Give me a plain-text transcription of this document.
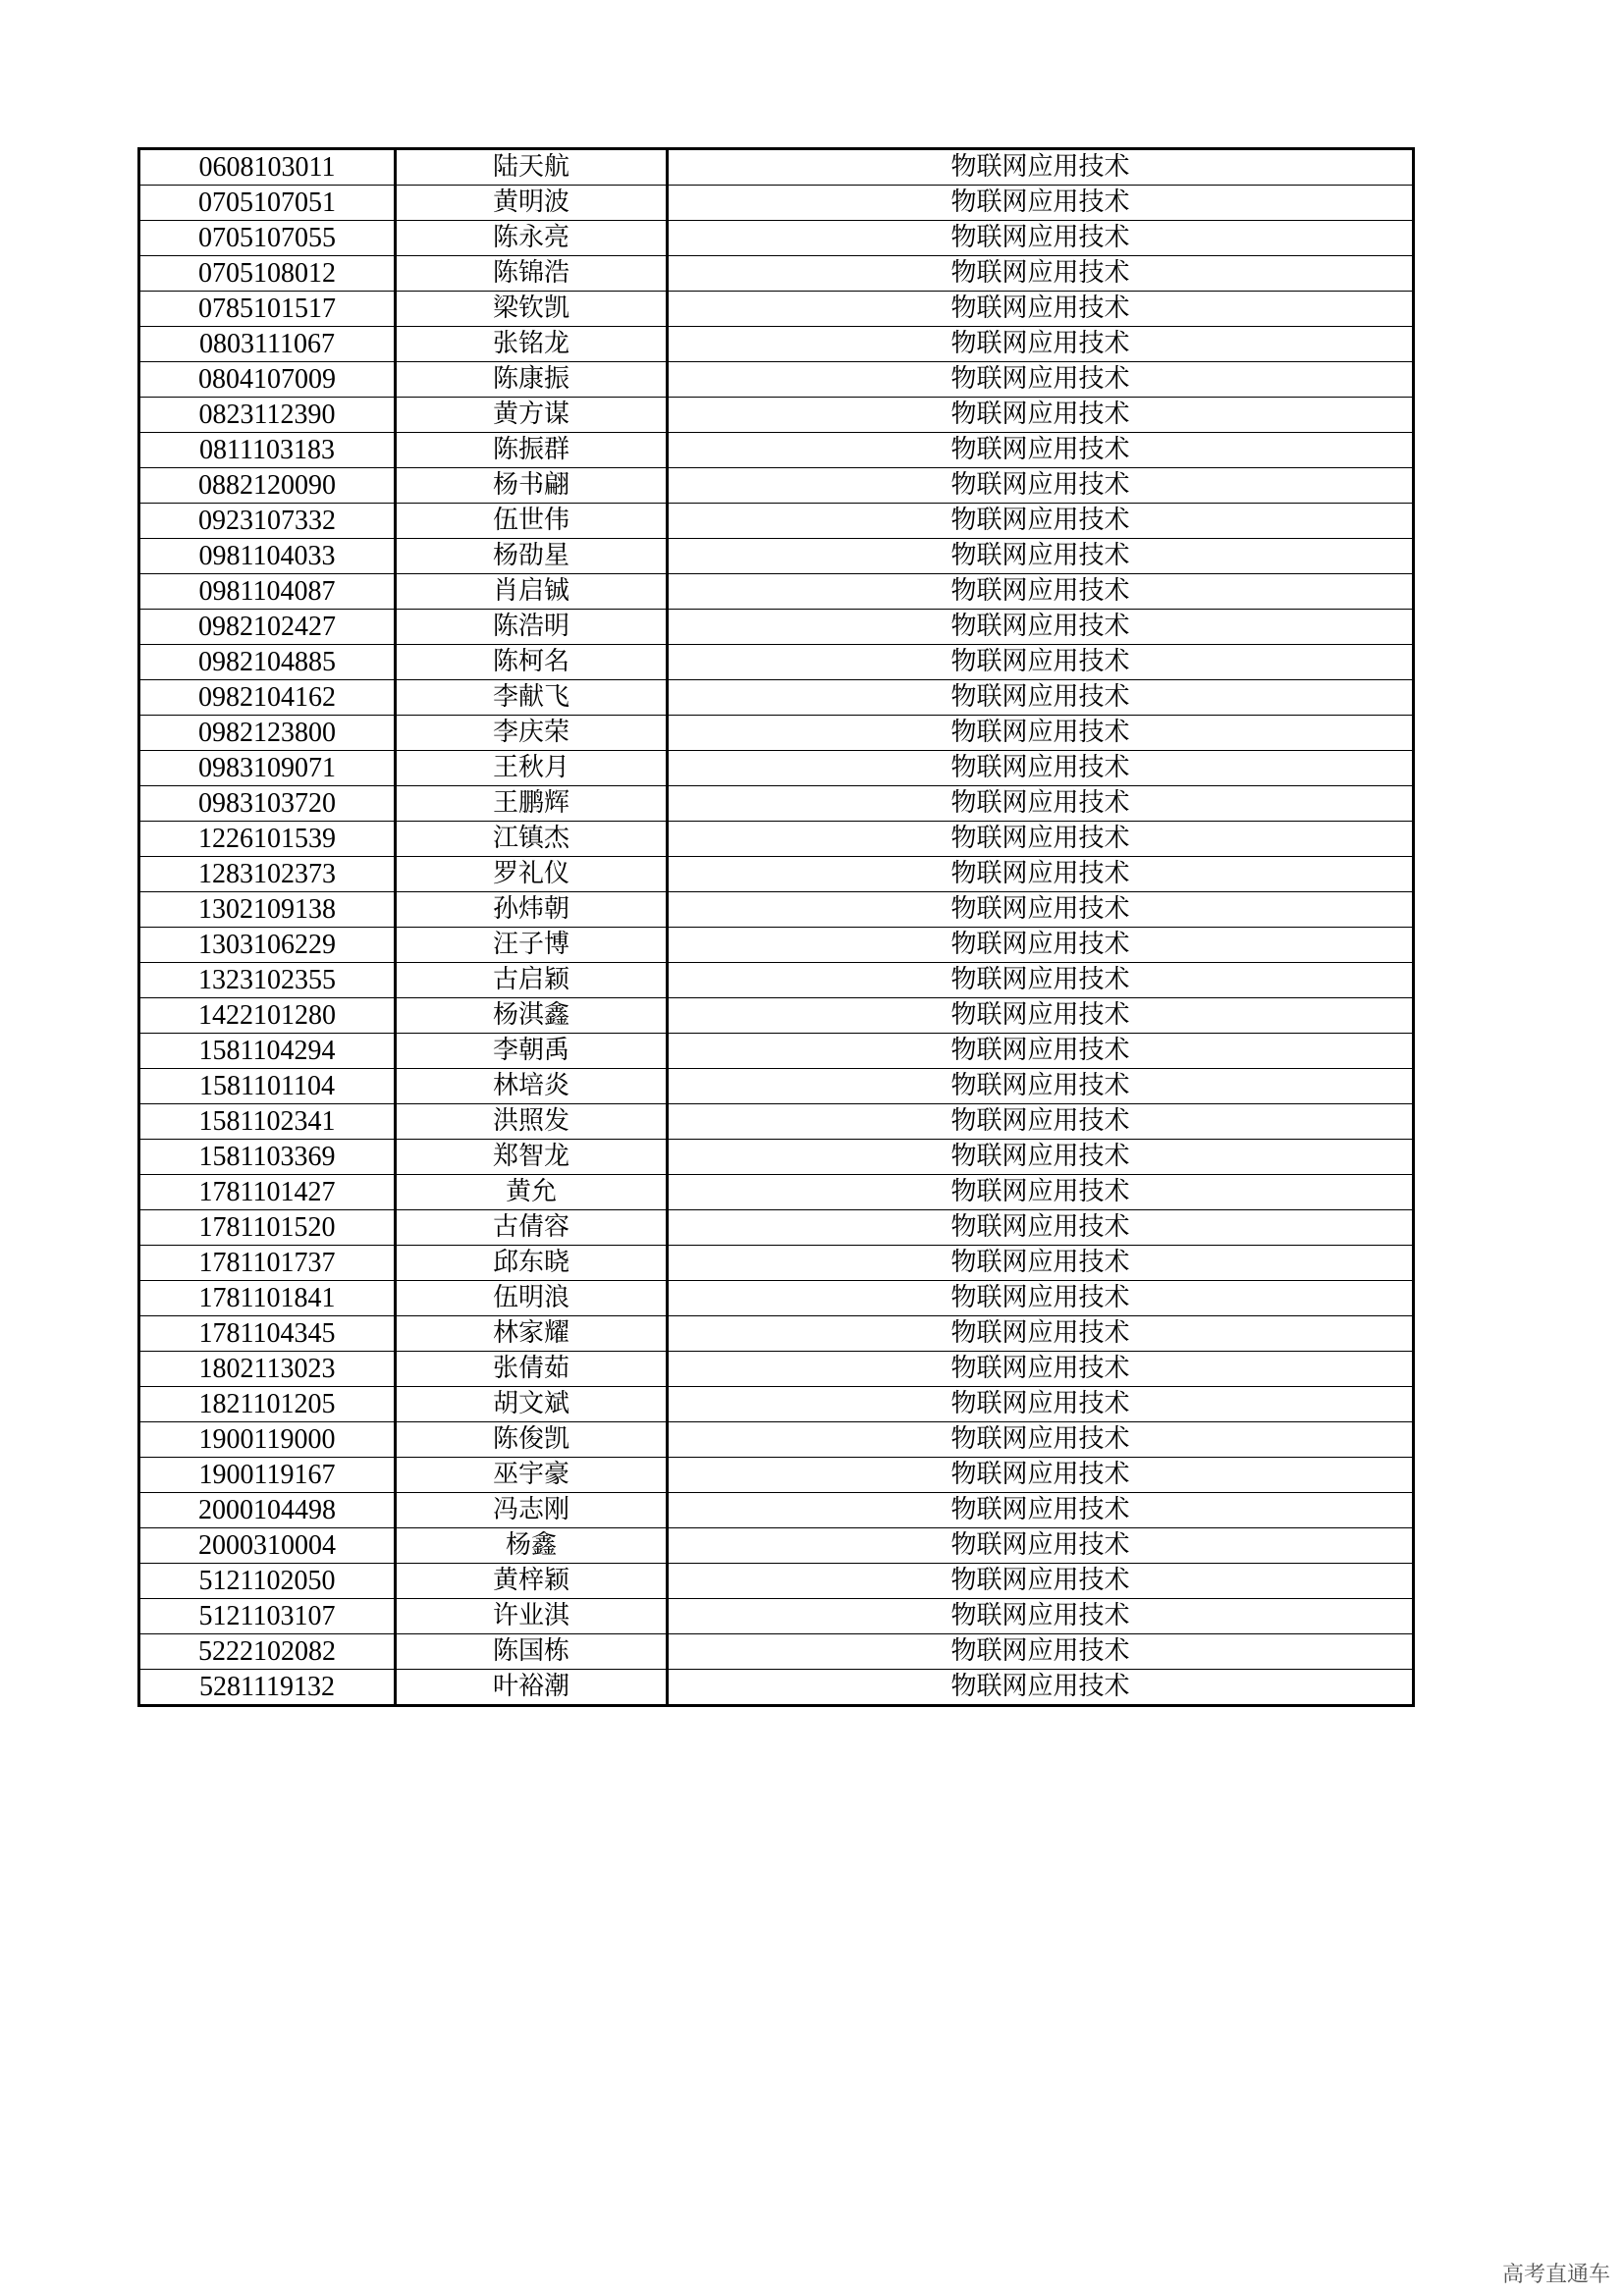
0608103011	陆天航	物联网应用技术
0705107051	黄明波	物联网应用技术
0705107055	陈永亮	物联网应用技术
0705108012	陈锦浩	物联网应用技术
0785101517	梁钦凯	物联网应用技术
0803111067	张铭龙	物联网应用技术
0804107009	陈康振	物联网应用技术
0823112390	黄方谋	物联网应用技术
0811103183	陈振群	物联网应用技术
0882120090	杨书翩	物联网应用技术
0923107332	伍世伟	物联网应用技术
0981104033	杨劭星	物联网应用技术
0981104087	肖启铖	物联网应用技术
0982102427	陈浩明	物联网应用技术
0982104885	陈柯名	物联网应用技术
0982104162	李献飞	物联网应用技术
0982123800	李庆荣	物联网应用技术
0983109071	王秋月	物联网应用技术
0983103720	王鹏辉	物联网应用技术
1226101539	江镇杰	物联网应用技术
1283102373	罗礼仪	物联网应用技术
1302109138	孙炜朝	物联网应用技术
1303106229	汪子博	物联网应用技术
1323102355	古启颖	物联网应用技术
1422101280	杨淇鑫	物联网应用技术
1581104294	李朝禹	物联网应用技术
1581101104	林培炎	物联网应用技术
1581102341	洪照发	物联网应用技术
1581103369	郑智龙	物联网应用技术
1781101427	黄允	物联网应用技术
1781101520	古倩容	物联网应用技术
1781101737	邱东晓	物联网应用技术
1781101841	伍明浪	物联网应用技术
1781104345	林家耀	物联网应用技术
1802113023	张倩茹	物联网应用技术
1821101205	胡文斌	物联网应用技术
1900119000	陈俊凯	物联网应用技术
1900119167	巫宇豪	物联网应用技术
2000104498	冯志刚	物联网应用技术
2000310004	杨鑫	物联网应用技术
5121102050	黄梓颖	物联网应用技术
5121103107	许业淇	物联网应用技术
5222102082	陈国栋	物联网应用技术
5281119132	叶裕潮	物联网应用技术
高考直通车
